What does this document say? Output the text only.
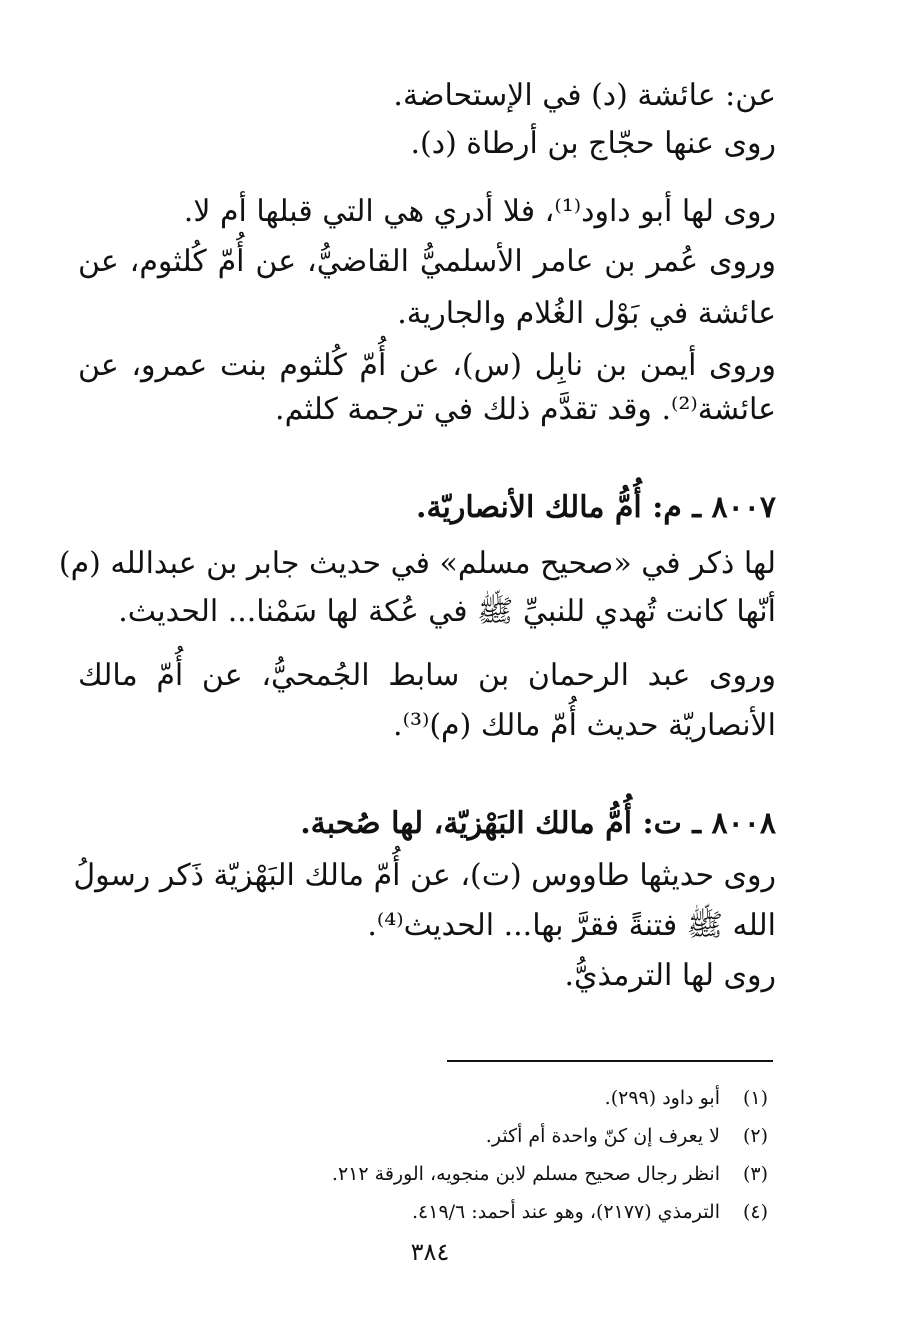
عن: عائشة (د) في الإستحاضة.
روى عنها حجّاج بن أرطاة (د).
روى لها أبو داود⁽¹⁾، فلا أدري هي التي قبلها أم لا.
وروى عُمر بن عامر الأسلميُّ القاضيُّ، عن أُمّ كُلثوم، عن
عائشة في بَوْل الغُلام والجارية.
وروى أيمن بن نابِل (س)، عن أُمّ كُلثوم بنت عمرو، عن
عائشة⁽²⁾. وقد تقدَّم ذلك في ترجمة كلثم.
٨٠٠٧ ـ م: أُمُّ مالك الأنصاريّة.
لها ذكر في «صحيح مسلم» في حديث جابر بن عبدالله (م)
أنّها كانت تُهدي للنبيِّ ﷺ في عُكة لها سَمْنا... الحديث.
وروى عبد الرحمان بن سابط الجُمحيُّ، عن أُمّ مالك
الأنصاريّة حديث أُمّ مالك (م)⁽³⁾.
٨٠٠٨ ـ ت: أُمُّ مالك البَهْزيّة، لها صُحبة.
روى حديثها طاووس (ت)، عن أُمّ مالك البَهْزيّة ذَكر رسولُ
الله ﷺ فتنةً فقرَّ بها... الحديث⁽⁴⁾.
روى لها الترمذيُّ.
(١)أبو داود (٢٩٩).
(٢)لا يعرف إن كنّ واحدة أم أكثر.
(٣)انظر رجال صحيح مسلم لابن منجويه، الورقة ٢١٢.
(٤)الترمذي (٢١٧٧)، وهو عند أحمد: ٤١٩/٦.
٣٨٤
